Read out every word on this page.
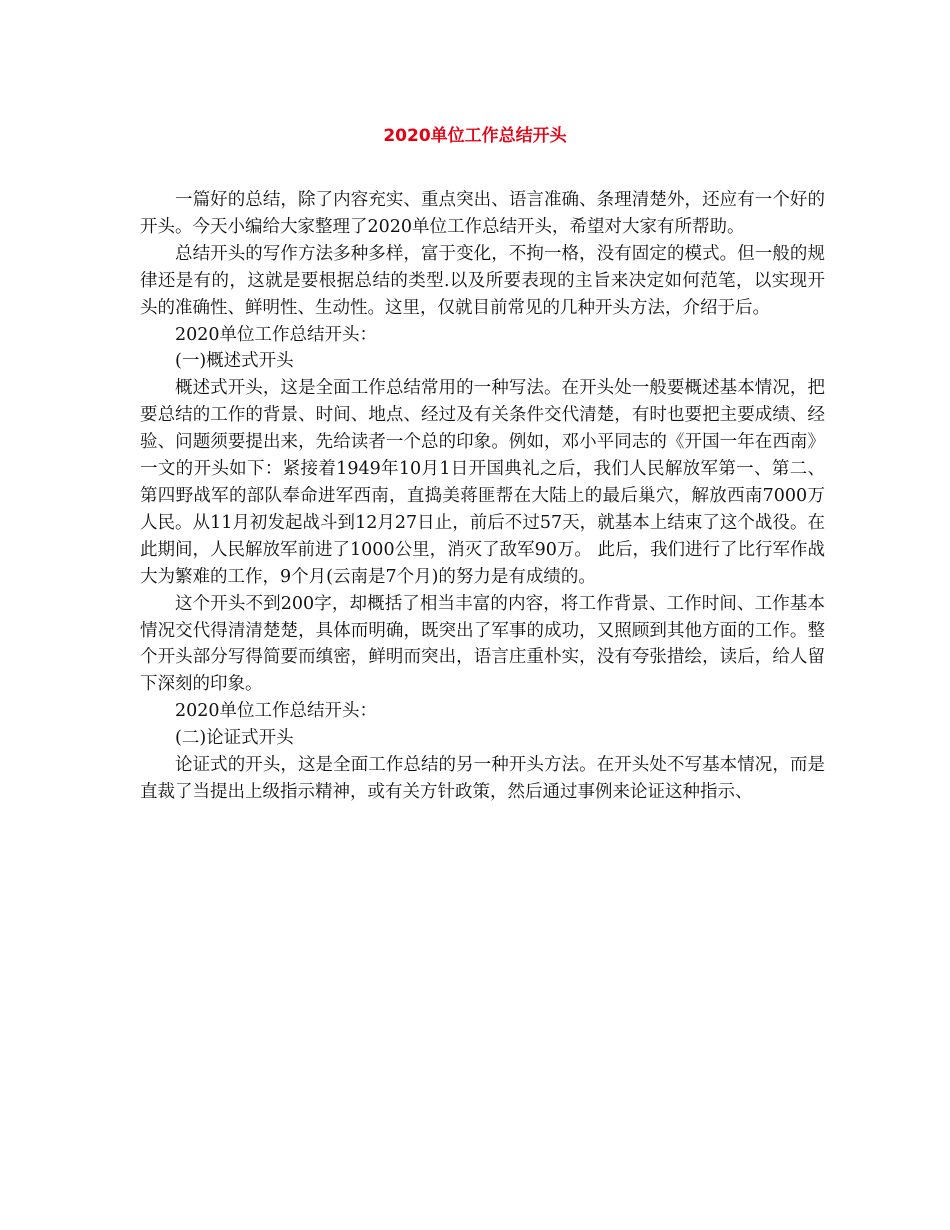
2020单位工作总结开头

一篇好的总结，除了内容充实、重点突出、语言准确、条理清楚外，还应有一个好的开头。今天小编给大家整理了2020单位工作总结开头，希望对大家有所帮助。

总结开头的写作方法多种多样，富于变化，不拘一格，没有固定的模式。但一般的规律还是有的，这就是要根据总结的类型.以及所要表现的主旨来决定如何范笔，以实现开头的准确性、鲜明性、生动性。这里，仅就目前常见的几种开头方法，介绍于后。

2020单位工作总结开头：

(一)概述式开头

概述式开头，这是全面工作总结常用的一种写法。在开头处一般要概述基本情况，把要总结的工作的背景、时间、地点、经过及有关条件交代清楚，有时也要把主要成绩、经验、问题须要提出来，先给读者一个总的印象。例如，邓小平同志的《开国一年在西南》一文的开头如下：紧接着1949年10月1日开国典礼之后，我们人民解放军第一、第二、第四野战军的部队奉命进军西南，直捣美蒋匪帮在大陆上的最后巢穴，解放西南7000万人民。从11月初发起战斗到12月27日止，前后不过57天，就基本上结束了这个战役。在此期间，人民解放军前进了1000公里，消灭了敌军90万。 此后，我们进行了比行军作战大为繁难的工作，9个月(云南是7个月)的努力是有成绩的。

这个开头不到200字，却概括了相当丰富的内容，将工作背景、工作时间、工作基本情况交代得清清楚楚，具体而明确，既突出了军事的成功，又照顾到其他方面的工作。整个开头部分写得简要而缜密，鲜明而突出，语言庄重朴实，没有夸张措绘，读后，给人留下深刻的印象。

2020单位工作总结开头：

(二)论证式开头

论证式的开头，这是全面工作总结的另一种开头方法。在开头处不写基本情况，而是直裁了当提出上级指示精神，或有关方针政策，然后通过事例来论证这种指示、
